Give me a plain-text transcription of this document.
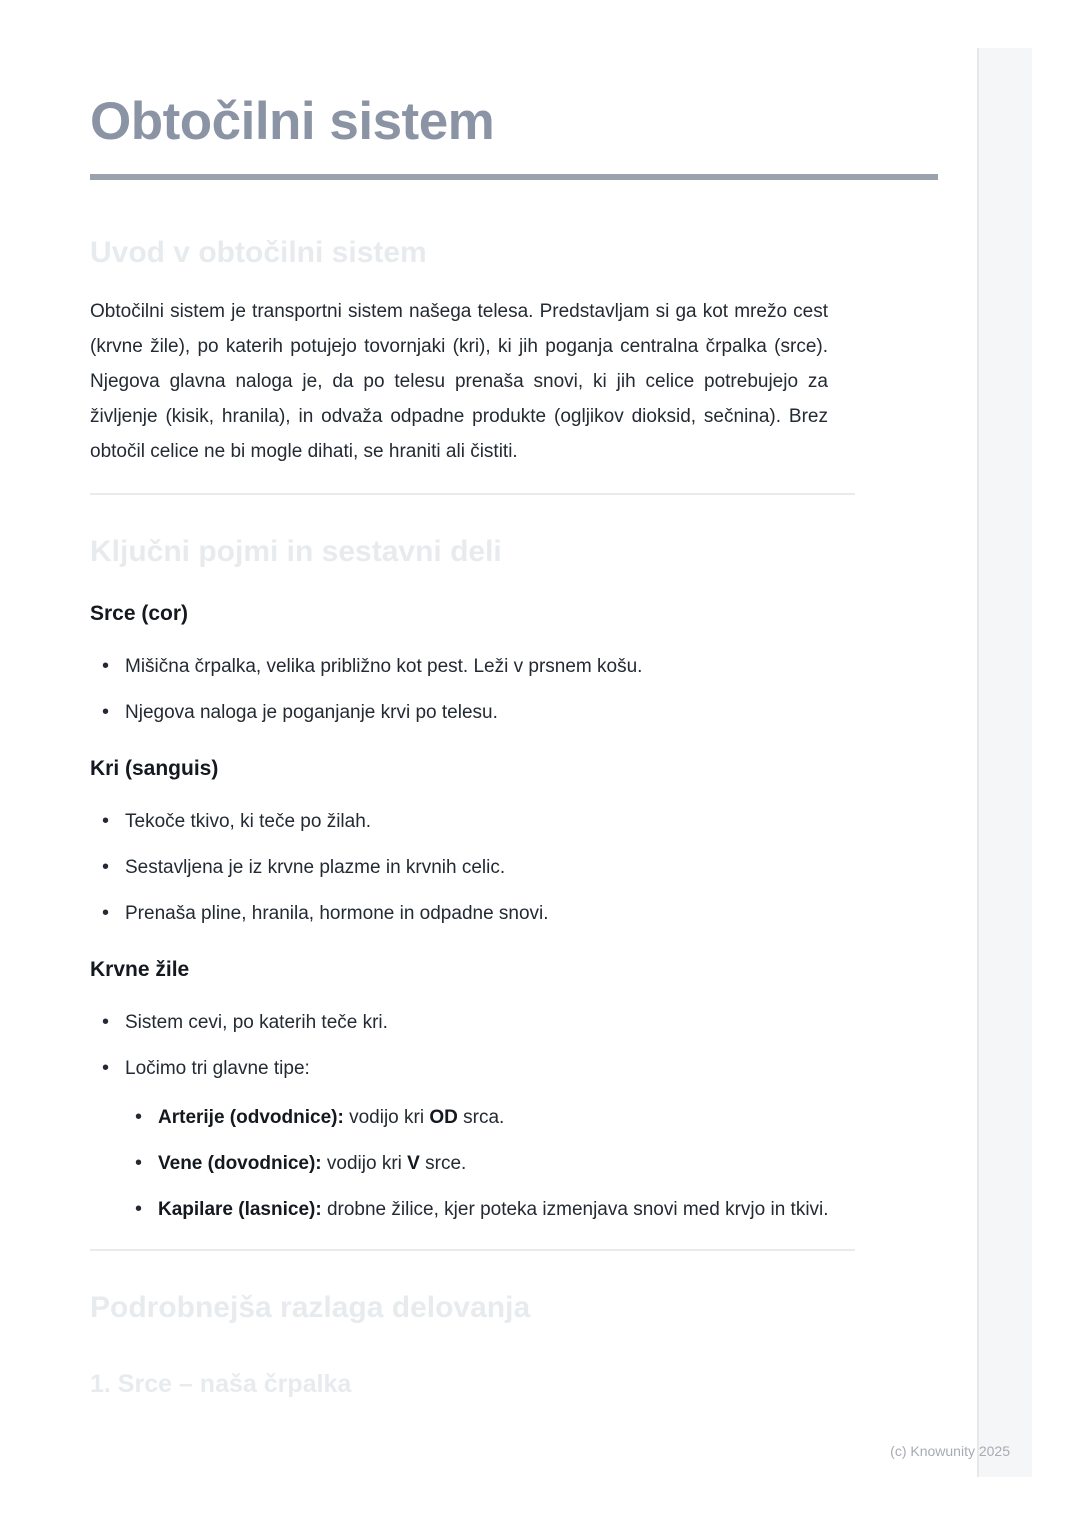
Obtočilni sistem
Uvod v obtočilni sistem

Obtočilni sistem je transportni sistem našega telesa. Predstavljam si ga kot mrežo cest (krvne žile), po katerih potujejo tovornjaki (kri), ki jih poganja centralna črpalka (srce). Njegova glavna naloga je, da po telesu prenaša snovi, ki jih celice potrebujejo za življenje (kisik, hranila), in odvaža odpadne produkte (ogljikov dioksid, sečnina). Brez obtočil celice ne bi mogle dihati, se hraniti ali čistiti.

Ključni pojmi in sestavni deli
Srce (cor)
• Mišična črpalka, velika približno kot pest. Leži v prsnem košu.
• Njegova naloga je poganjanje krvi po telesu.
Kri (sanguis)
• Tekoče tkivo, ki teče po žilah.
• Sestavljena je iz krvne plazme in krvnih celic.
• Prenaša pline, hranila, hormone in odpadne snovi.
Krvne žile
• Sistem cevi, po katerih teče kri.
• Ločimo tri glavne tipe:
• Arterije (odvodnice): vodijo kri OD srca.
• Vene (dovodnice): vodijo kri V srce.
• Kapilare (lasnice): drobne žilice, kjer poteka izmenjava snovi med krvjo in tkivi.
Podrobnejša razlaga delovanja
1. Srce – naša črpalka
(c) Knowunity 2025
